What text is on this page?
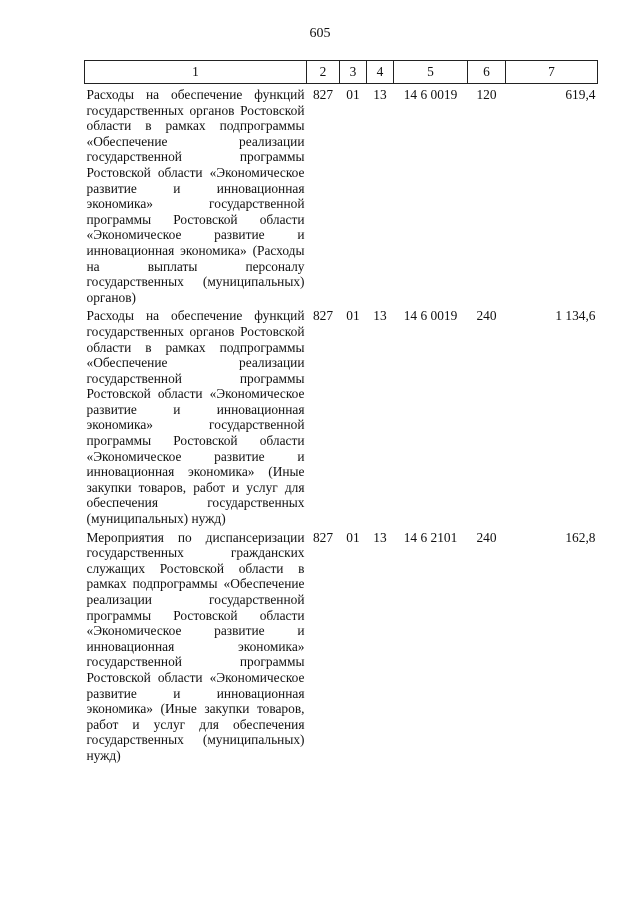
605
1	2	3	4	5	6	7
Расходы на обеспечение функций государственных органов Ростовской области в рамках подпрограммы «Обеспечение реализации государственной программы Ростовской области «Экономическое развитие и инновационная экономика» государственной программы Ростовской области «Экономическое развитие и инновационная экономика» (Расходы на выплаты персоналу государственных (муниципальных) органов)	827	01	13	14 6 0019	120	619,4
Расходы на обеспечение функций государственных органов Ростовской области в рамках подпрограммы «Обеспечение реализации государственной программы Ростовской области «Экономическое развитие и инновационная экономика» государственной программы Ростовской области «Экономическое развитие и инновационная экономика» (Иные закупки товаров, работ и услуг для обеспечения государственных (муниципальных) нужд)	827	01	13	14 6 0019	240	1 134,6
Мероприятия по диспансеризации государственных гражданских служащих Ростовской области в рамках подпрограммы «Обеспечение реализации государственной программы Ростовской области «Экономическое развитие и инновационная экономика» государственной программы Ростовской области «Экономическое развитие и инновационная экономика» (Иные закупки товаров, работ и услуг для обеспечения государственных (муниципальных) нужд)	827	01	13	14 6 2101	240	162,8
